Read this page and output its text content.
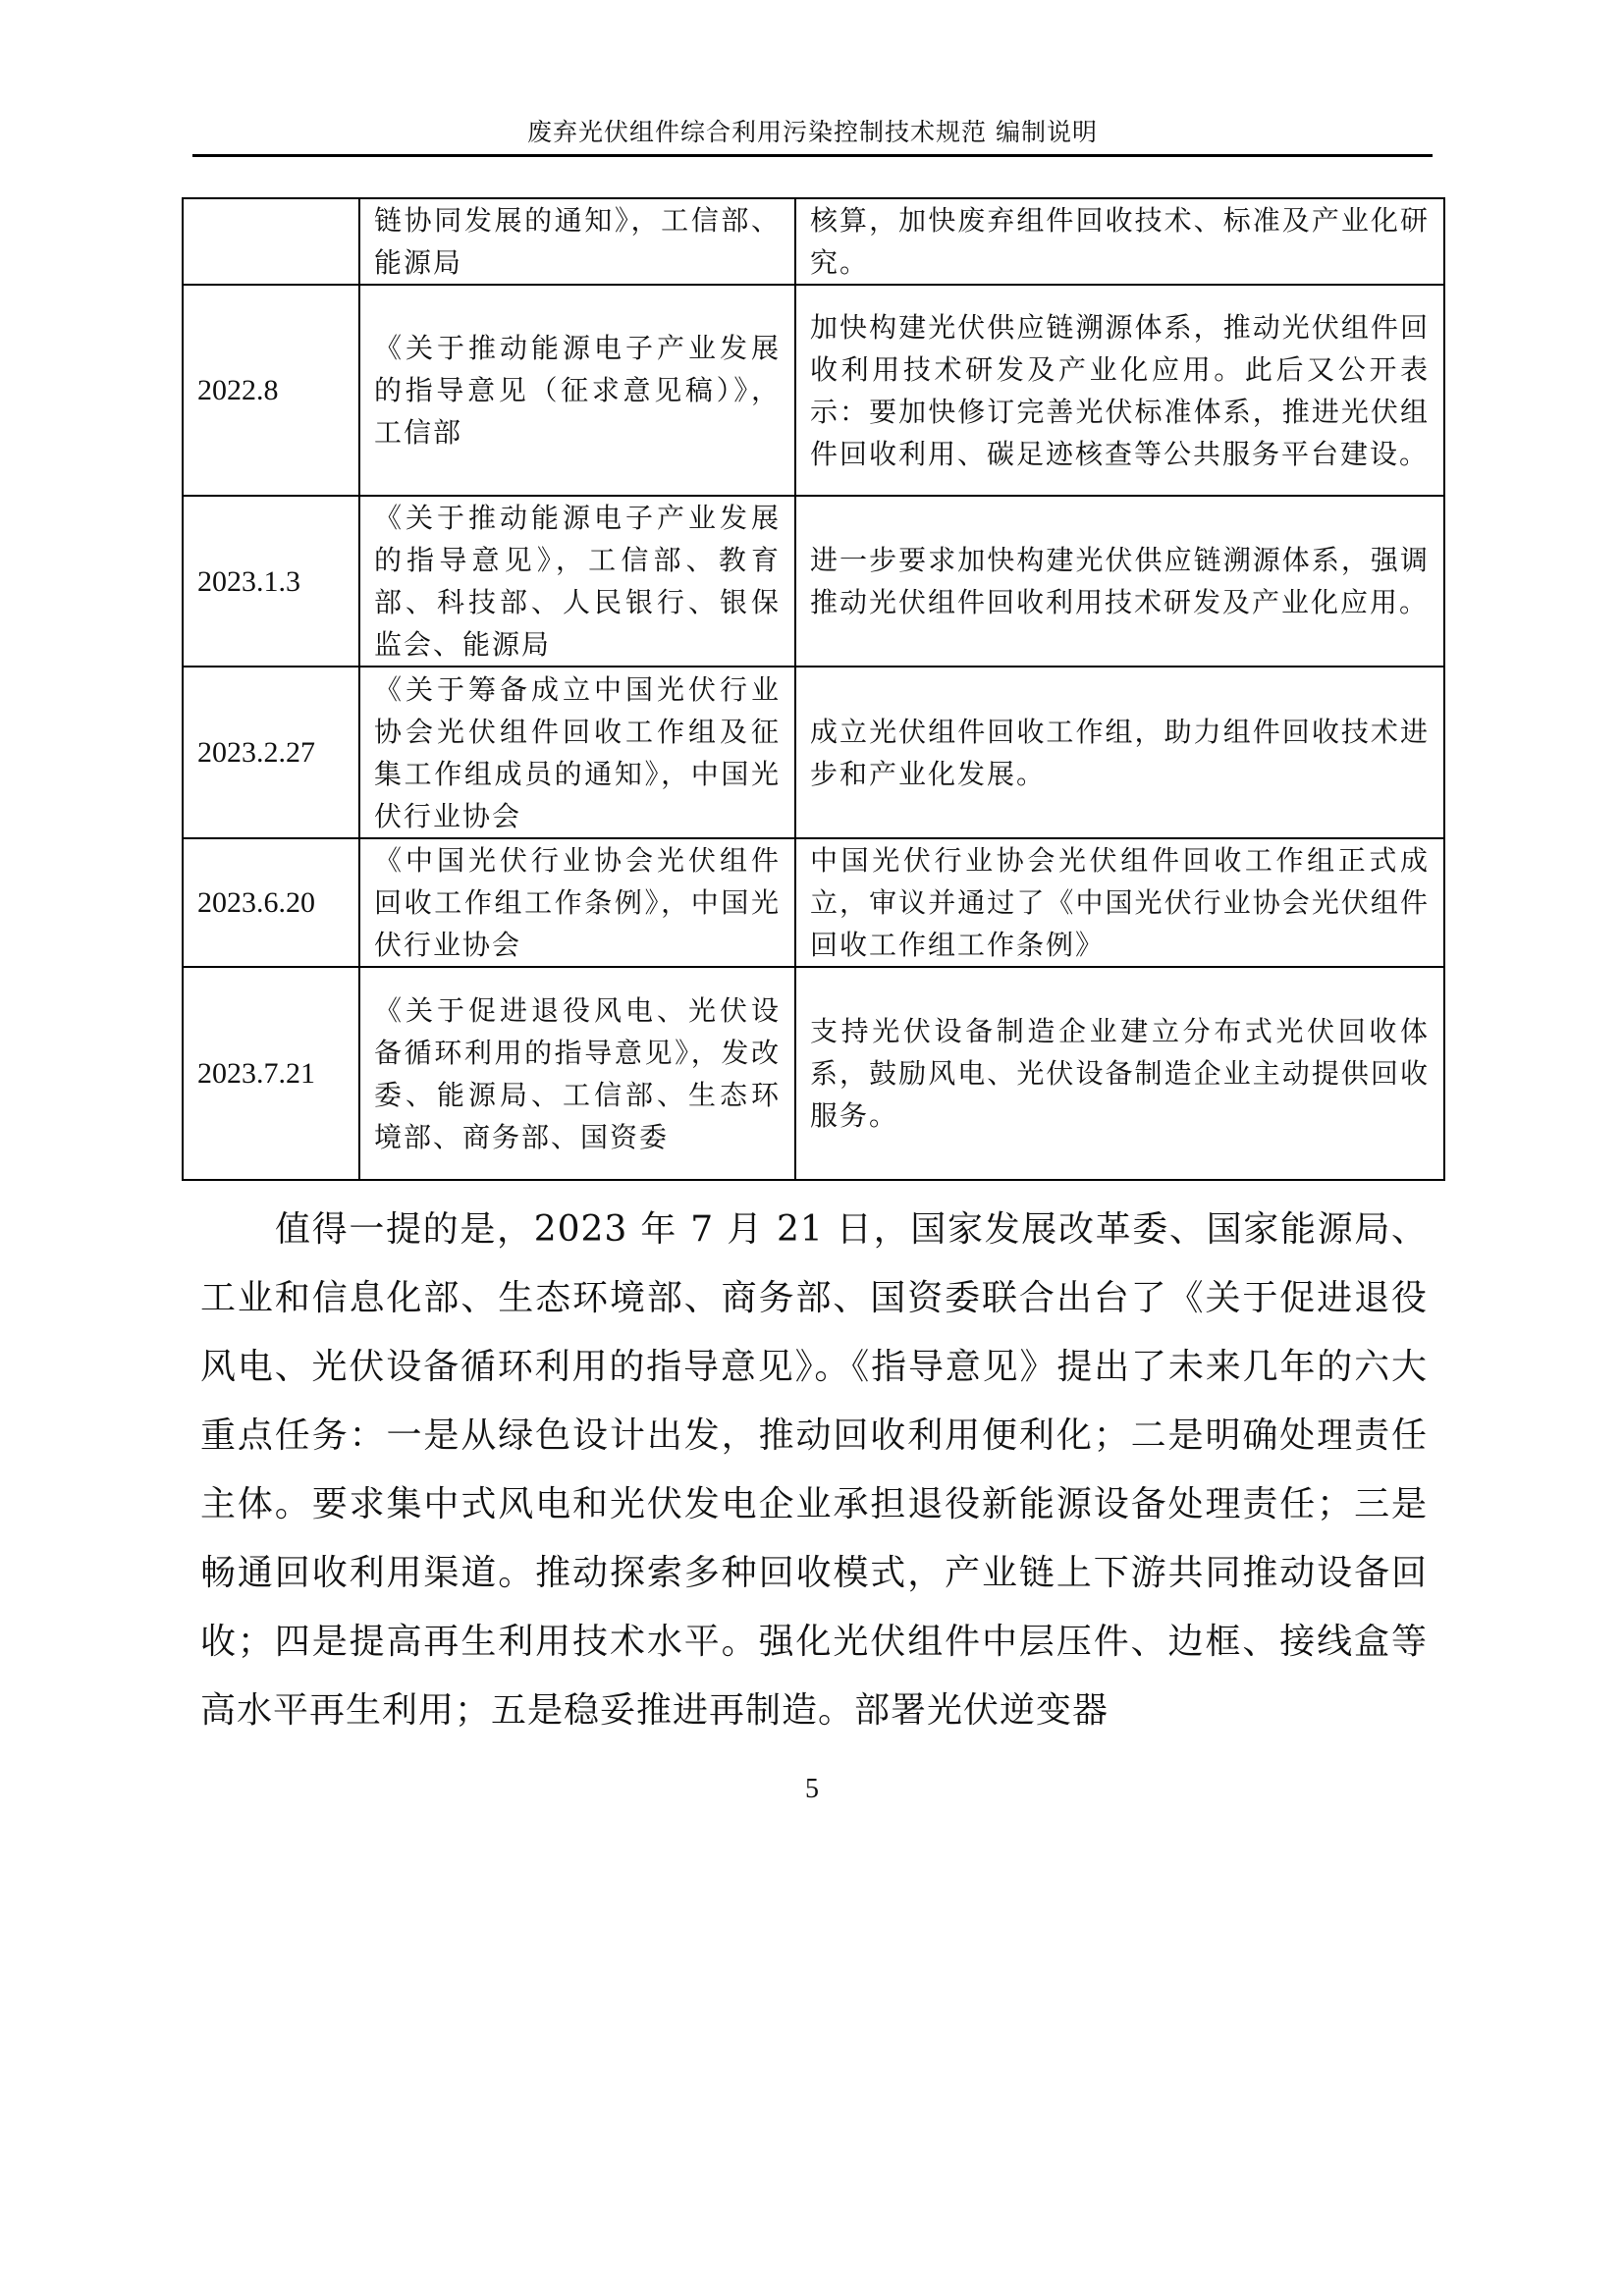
废弃光伏组件综合利用污染控制技术规范 编制说明
	链协同发展的通知》，工信部、能源局	核算，加快废弃组件回收技术、标准及产业化研究。
2022.8	《关于推动能源电子产业发展的指导意见（征求意见稿）》，工信部	加快构建光伏供应链溯源体系，推动光伏组件回收利用技术研发及产业化应用。此后又公开表示：要加快修订完善光伏标准体系，推进光伏组件回收利用、碳足迹核查等公共服务平台建设。
2023.1.3	《关于推动能源电子产业发展的指导意见》，工信部、教育部、科技部、人民银行、银保监会、能源局	进一步要求加快构建光伏供应链溯源体系，强调推动光伏组件回收利用技术研发及产业化应用。
2023.2.27	《关于筹备成立中国光伏行业协会光伏组件回收工作组及征集工作组成员的通知》，中国光伏行业协会	成立光伏组件回收工作组，助力组件回收技术进步和产业化发展。
2023.6.20	《中国光伏行业协会光伏组件回收工作组工作条例》，中国光伏行业协会	中国光伏行业协会光伏组件回收工作组正式成立，审议并通过了《中国光伏行业协会光伏组件回收工作组工作条例》
2023.7.21	《关于促进退役风电、光伏设备循环利用的指导意见》，发改委、能源局、工信部、生态环境部、商务部、国资委	支持光伏设备制造企业建立分布式光伏回收体系，鼓励风电、光伏设备制造企业主动提供回收服务。

值得一提的是，2023 年 7 月 21 日，国家发展改革委、国家能源局、工业和信息化部、生态环境部、商务部、国资委联合出台了《关于促进退役风电、光伏设备循环利用的指导意见》。《指导意见》提出了未来几年的六大重点任务：一是从绿色设计出发，推动回收利用便利化；二是明确处理责任主体。要求集中式风电和光伏发电企业承担退役新能源设备处理责任；三是畅通回收利用渠道。推动探索多种回收模式，产业链上下游共同推动设备回收；四是提高再生利用技术水平。强化光伏组件中层压件、边框、接线盒等高水平再生利用；五是稳妥推进再制造。部署光伏逆变器

5
